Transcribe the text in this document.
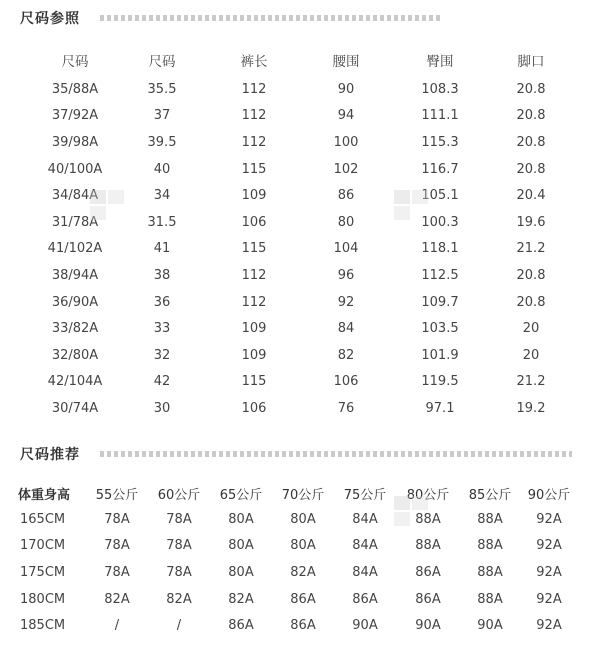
尺码参照
尺码	尺码	裤长	腰围	臀围	脚口
35/88A	35.5	112	90	108.3	20.8
37/92A	37	112	94	111.1	20.8
39/98A	39.5	112	100	115.3	20.8
40/100A	40	115	102	116.7	20.8
34/84A	34	109	86	105.1	20.4
31/78A	31.5	106	80	100.3	19.6
41/102A	41	115	104	118.1	21.2
38/94A	38	112	96	112.5	20.8
36/90A	36	112	92	109.7	20.8
33/82A	33	109	84	103.5	20
32/80A	32	109	82	101.9	20
42/104A	42	115	106	119.5	21.2
30/74A	30	106	76	97.1	19.2
尺码推荐
体重身高	55公斤	60公斤	65公斤	70公斤	75公斤	80公斤	85公斤	90公斤
165CM	78A	78A	80A	80A	84A	88A	88A	92A
170CM	78A	78A	80A	80A	84A	88A	88A	92A
175CM	78A	78A	80A	82A	84A	86A	88A	92A
180CM	82A	82A	82A	86A	86A	86A	88A	92A
185CM	/	/	86A	86A	90A	90A	90A	92A
